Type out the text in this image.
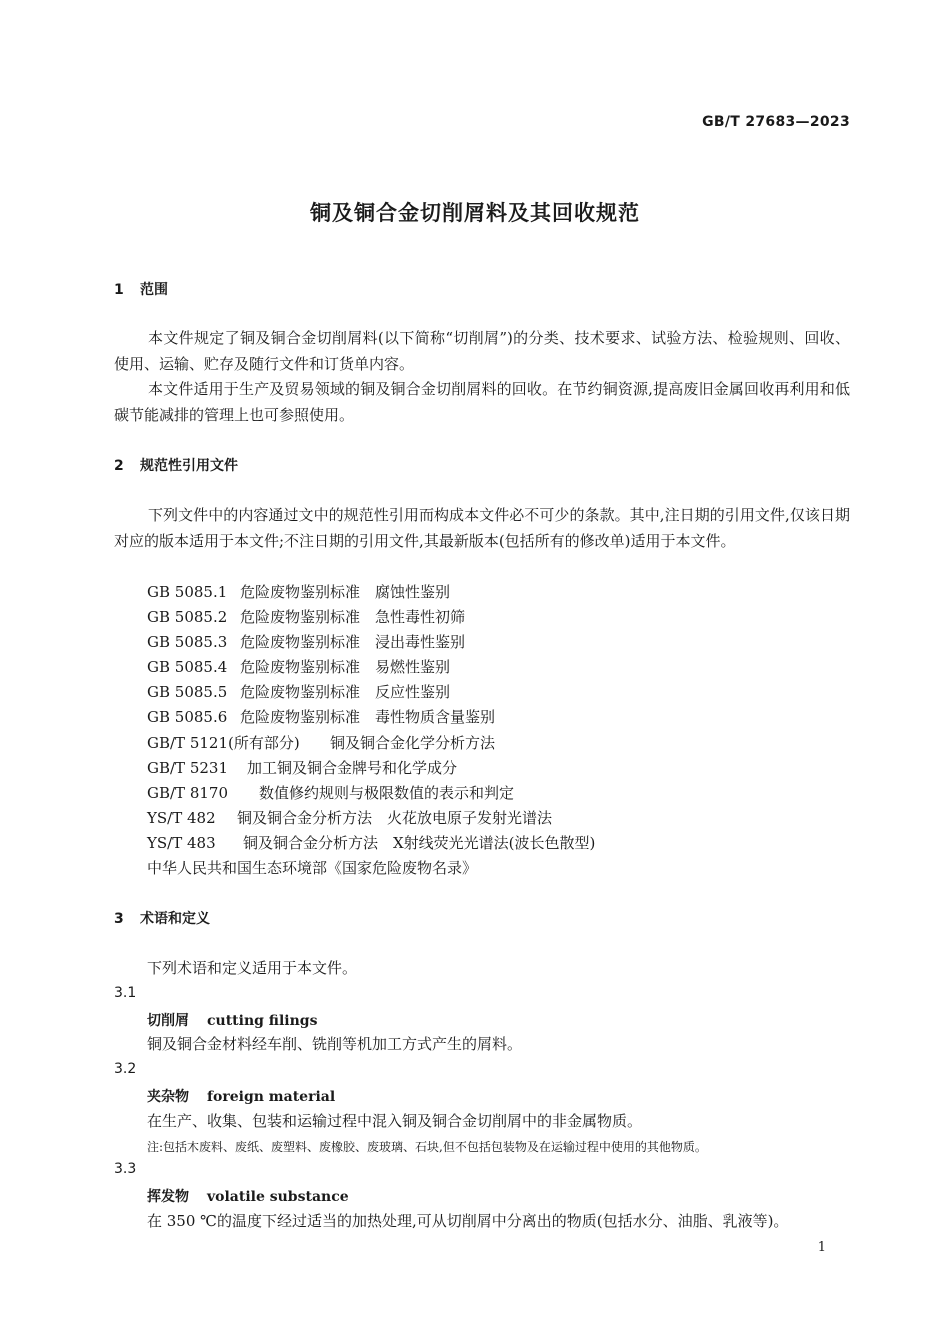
GB/T 27683—2023
铜及铜合金切削屑料及其回收规范
1 范围
本文件规定了铜及铜合金切削屑料(以下简称“切削屑”)的分类、技术要求、试验方法、检验规则、回收、使用、运输、贮存及随行文件和订货单内容。
本文件适用于生产及贸易领域的铜及铜合金切削屑料的回收。在节约铜资源,提高废旧金属回收再利用和低碳节能减排的管理上也可参照使用。
2 规范性引用文件
下列文件中的内容通过文中的规范性引用而构成本文件必不可少的条款。其中,注日期的引用文件,仅该日期对应的版本适用于本文件;不注日期的引用文件,其最新版本(包括所有的修改单)适用于本文件。
GB 5085.1 危险废物鉴别标准　腐蚀性鉴别
GB 5085.2 危险废物鉴别标准　急性毒性初筛
GB 5085.3 危险废物鉴别标准　浸出毒性鉴别
GB 5085.4 危险废物鉴别标准　易燃性鉴别
GB 5085.5 危险废物鉴别标准　反应性鉴别
GB 5085.6 危险废物鉴别标准　毒性物质含量鉴别
GB/T 5121(所有部分) 铜及铜合金化学分析方法
GB/T 5231 加工铜及铜合金牌号和化学成分
GB/T 8170 数值修约规则与极限数值的表示和判定
YS/T 482 铜及铜合金分析方法　火花放电原子发射光谱法
YS/T 483 铜及铜合金分析方法　X射线荧光光谱法(波长色散型)
中华人民共和国生态环境部《国家危险废物名录》
3 术语和定义
下列术语和定义适用于本文件。
3.1
切削屑 cutting filings
铜及铜合金材料经车削、铣削等机加工方式产生的屑料。
3.2
夹杂物 foreign material
在生产、收集、包装和运输过程中混入铜及铜合金切削屑中的非金属物质。
注:包括木废料、废纸、废塑料、废橡胶、废玻璃、石块,但不包括包装物及在运输过程中使用的其他物质。
3.3
挥发物 volatile substance
在 350 ℃的温度下经过适当的加热处理,可从切削屑中分离出的物质(包括水分、油脂、乳液等)。
1
